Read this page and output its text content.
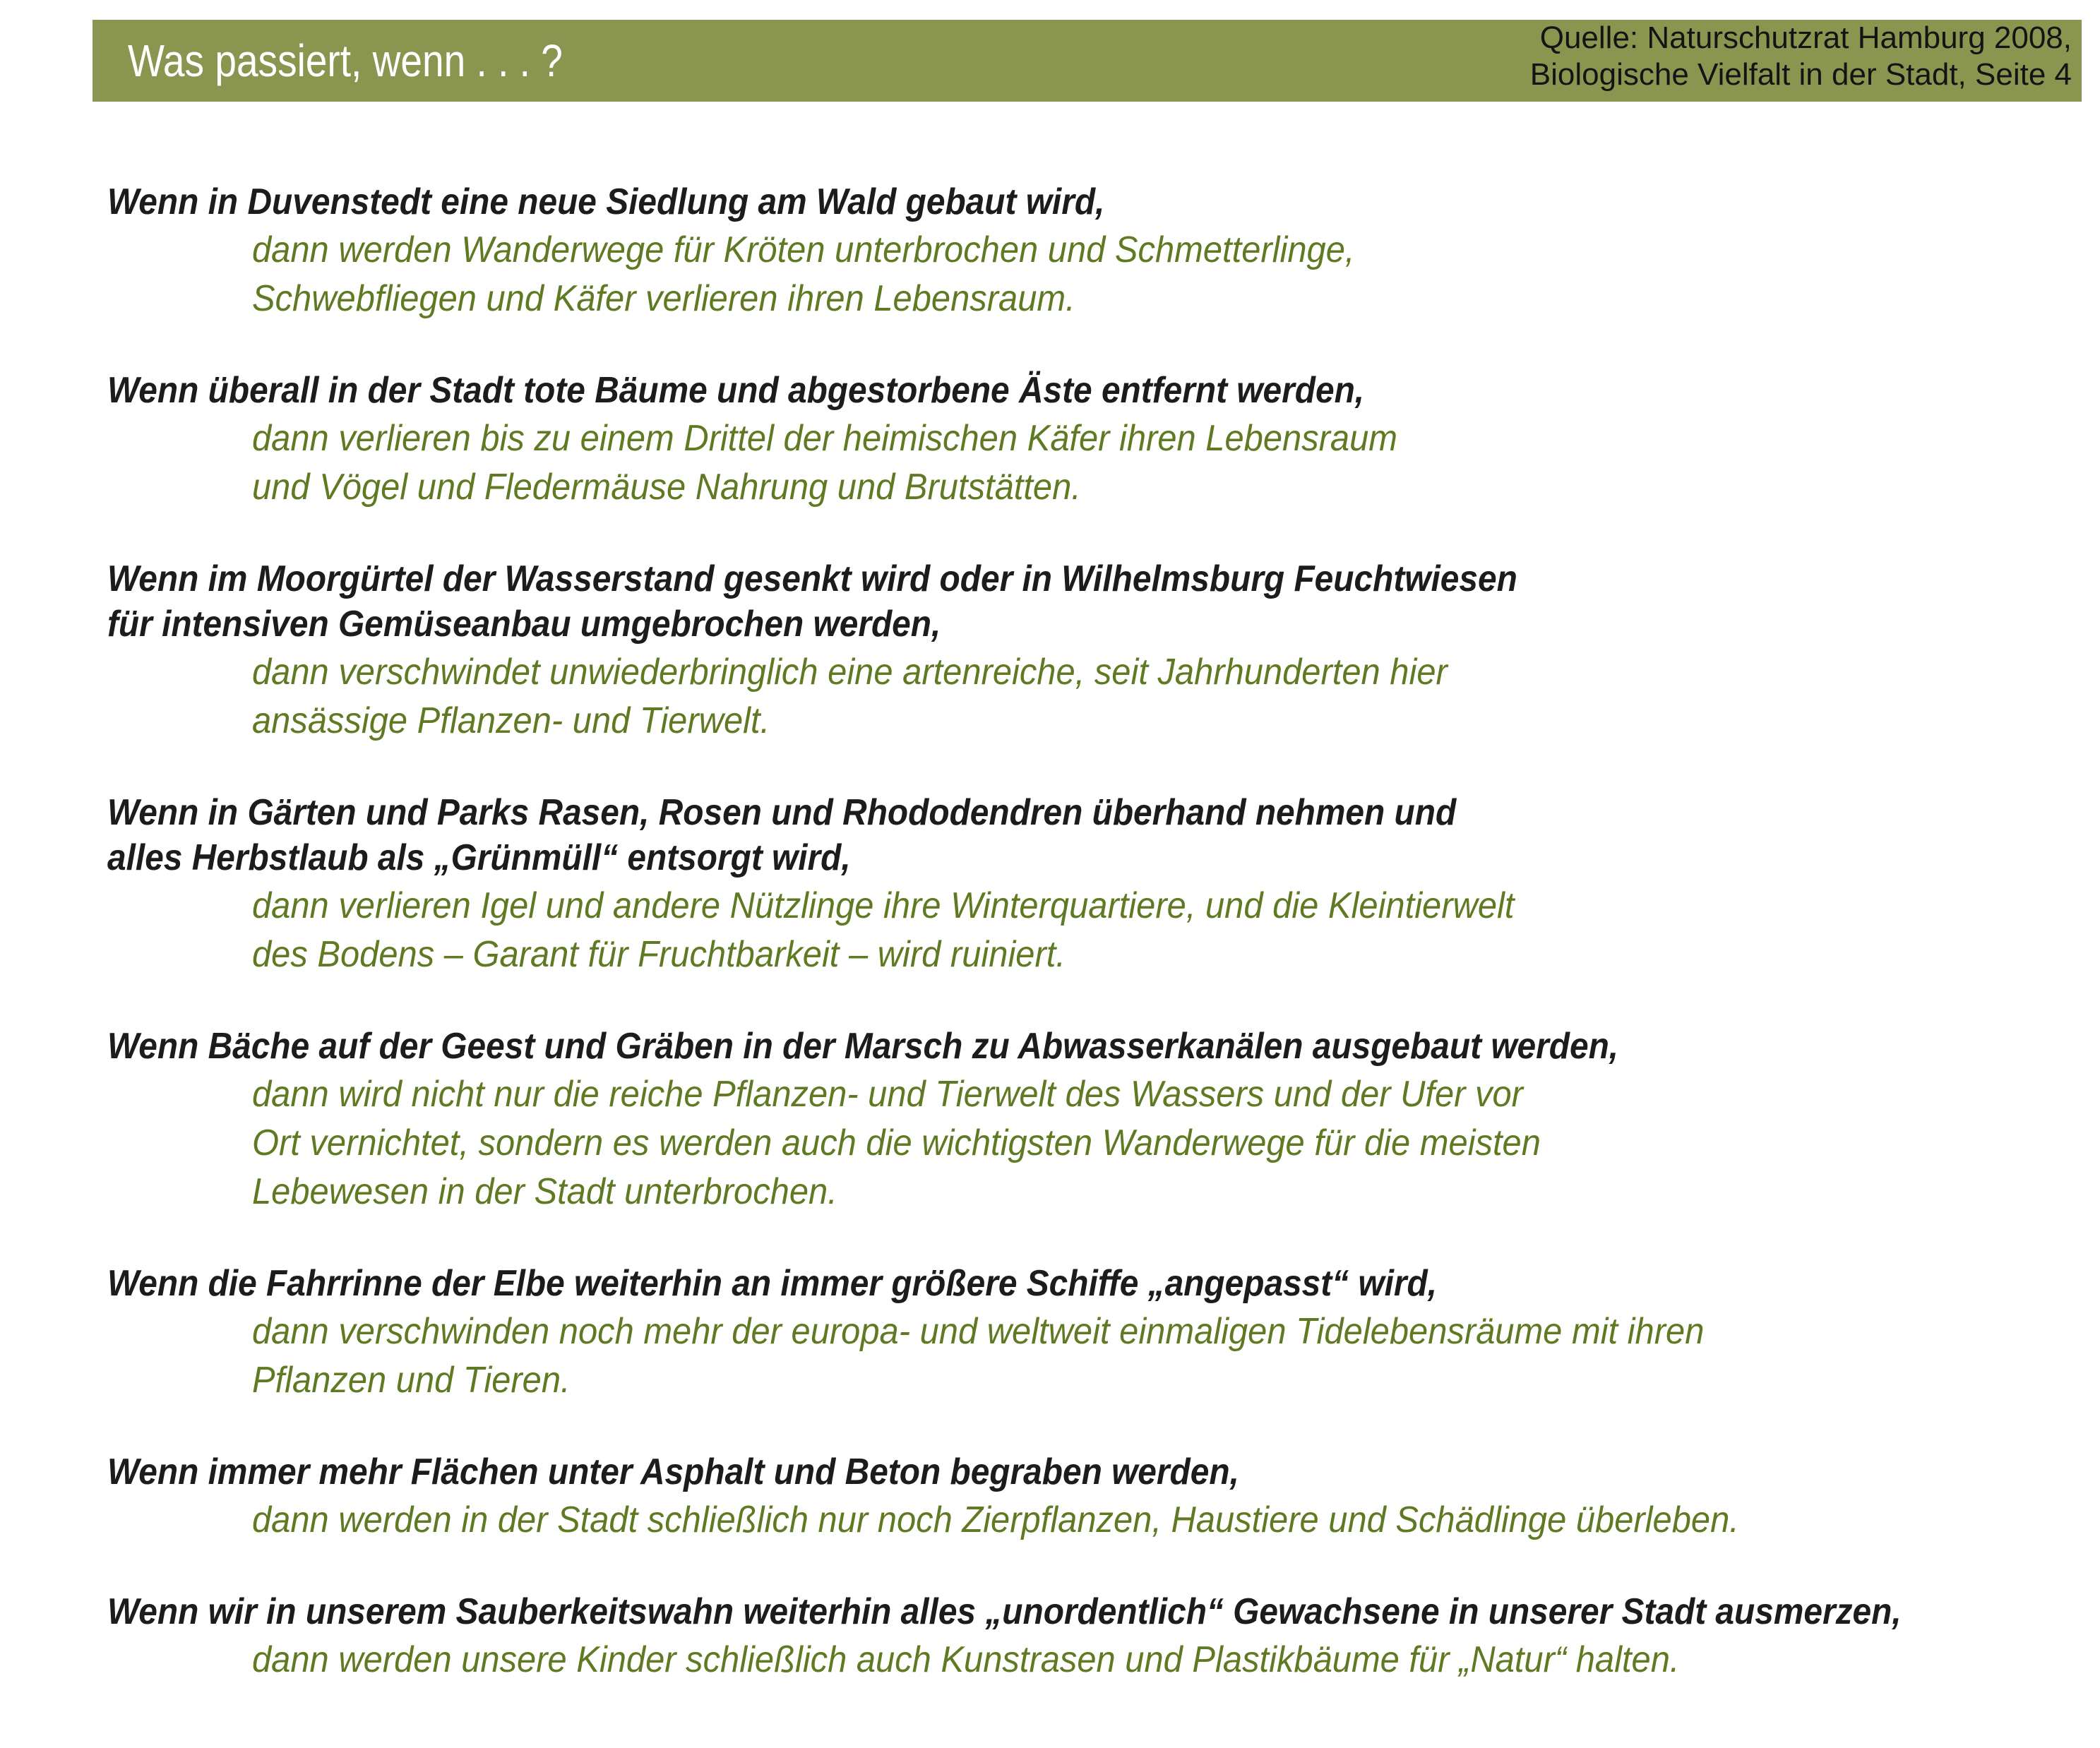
Was passiert, wenn . . . ?	Quelle: Naturschutzrat Hamburg 2008,
Biologische Vielfalt in der Stadt, Seite 4
Wenn in Duvenstedt eine neue Siedlung am Wald gebaut wird,
dann werden Wanderwege für Kröten unterbrochen und Schmetterlinge,
Schwebfliegen und Käfer verlieren ihren Lebensraum.
Wenn überall in der Stadt tote Bäume und abgestorbene Äste entfernt werden,
dann verlieren bis zu einem Drittel der heimischen Käfer ihren Lebensraum
und Vögel und Fledermäuse Nahrung und Brutstätten.
Wenn im Moorgürtel der Wasserstand gesenkt wird oder in Wilhelmsburg Feuchtwiesen
für intensiven Gemüseanbau umgebrochen werden,
dann verschwindet unwiederbringlich eine artenreiche, seit Jahrhunderten hier
ansässige Pflanzen- und Tierwelt.
Wenn in Gärten und Parks Rasen, Rosen und Rhododendren überhand nehmen und
alles Herbstlaub als „Grünmüll“ entsorgt wird,
dann verlieren Igel und andere Nützlinge ihre Winterquartiere, und die Kleintierwelt
des Bodens – Garant für Fruchtbarkeit – wird ruiniert.
Wenn Bäche auf der Geest und Gräben in der Marsch zu Abwasserkanälen ausgebaut werden,
dann wird nicht nur die reiche Pflanzen- und Tierwelt des Wassers und der Ufer vor
Ort vernichtet, sondern es werden auch die wichtigsten Wanderwege für die meisten
Lebewesen in der Stadt unterbrochen.
Wenn die Fahrrinne der Elbe weiterhin an immer größere Schiffe „angepasst“ wird,
dann verschwinden noch mehr der europa- und weltweit einmaligen Tidelebensräume mit ihren
Pflanzen und Tieren.
Wenn immer mehr Flächen unter Asphalt und Beton begraben werden,
dann werden in der Stadt schließlich nur noch Zierpflanzen, Haustiere und Schädlinge überleben.
Wenn wir in unserem Sauberkeitswahn weiterhin alles „unordentlich“ Gewachsene in unserer Stadt ausmerzen,
dann werden unsere Kinder schließlich auch Kunstrasen und Plastikbäume für „Natur“ halten.
